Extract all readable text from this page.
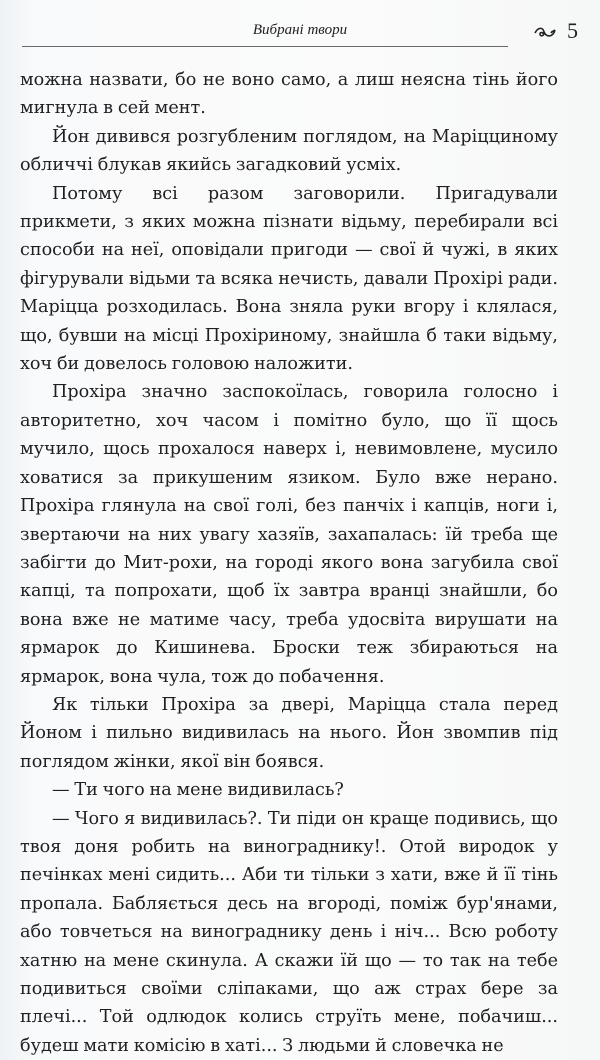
Вибрані твори	5

можна назвати, бо не воно само, а лиш неясна тінь його мигнула в сей мент.

Йон дивився розгубленим поглядом, на Маріцциному обличчі блукав якийсь загадковий усміх.

Потому всі разом заговорили. Пригадували прикмети, з яких можна пізнати відьму, перебирали всі способи на неї, оповідали пригоди — свої й чужі, в яких фігурували відьми та всяка нечисть, давали Прохірі ради. Маріцца розходилась. Вона зняла руки вгору і клялася, що, бувши на місці Прохіриному, знайшла б таки відьму, хоч би довелось головою наложити.

Прохіра значно заспокоїлась, говорила голосно і авторитетно, хоч часом і помітно було, що її щось мучило, щось прохалося наверх і, невимовлене, мусило ховатися за прикушеним язиком. Було вже нерано. Прохіра глянула на свої голі, без панчіх і капців, ноги і, звертаючи на них увагу хазяїв, захапалась: їй треба ще забігти до Мит-рохи, на городі якого вона загубила свої капці, та попрохати, щоб їх завтра вранці знайшли, бо вона вже не матиме часу, треба удосвіта вирушати на ярмарок до Кишинева. Броски теж збираються на ярмарок, вона чула, тож до побачення.

Як тільки Прохіра за двері, Маріцца стала перед Йоном і пильно видивилась на нього. Йон звомпив під поглядом жінки, якої він боявся.

— Ти чого на мене видивилась?

— Чого я видивилась?. Ти піди он краще подивись, що твоя доня робить на винограднику!. Отой виродок у печінках мені сидить... Аби ти тільки з хати, вже й її тінь пропала. Бабляється десь на вгороді, поміж бур'янами, або товчеться на винограднику день і ніч... Всю роботу хатню на мене скинула. А скажи їй що — то так на тебе подивиться своїми сліпаками, що аж страх бере за плечі... Той одлюдок колись струїть мене, побачиш... будеш мати комісію в хаті... З людьми й словечка не
